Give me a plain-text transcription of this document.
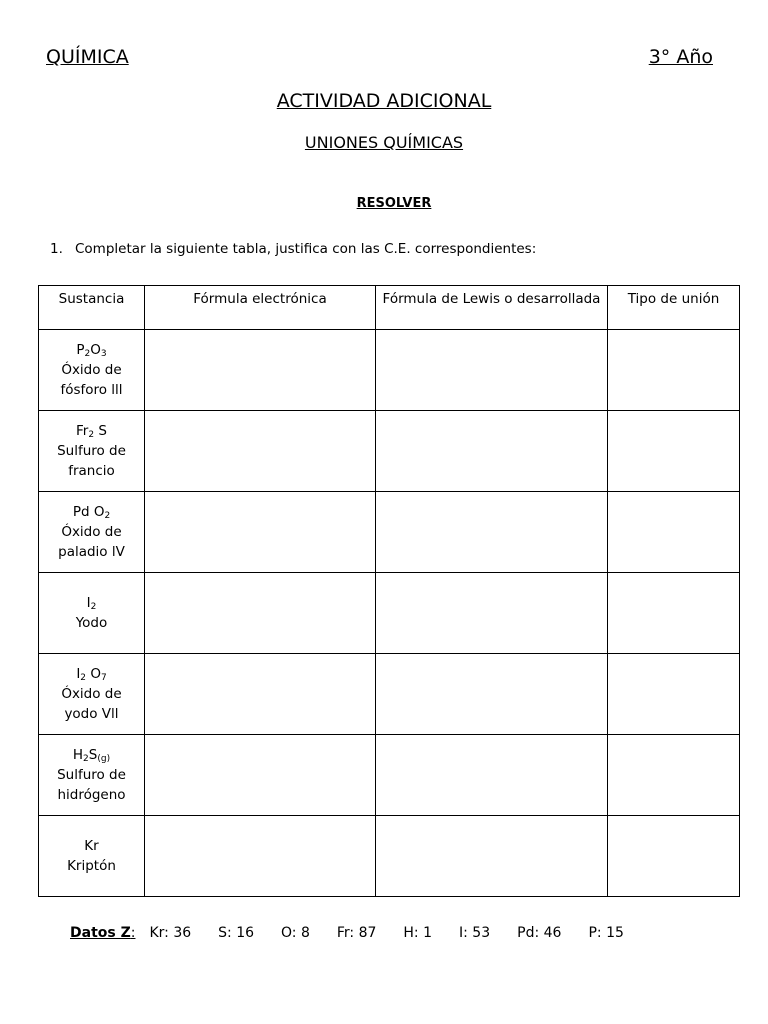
QUÍMICA	3° Año
ACTIVIDAD ADICIONAL
UNIONES QUÍMICAS
RESOLVER
1. Completar la siguiente tabla, justifica con las C.E. correspondientes:
Sustancia	Fórmula electrónica	Fórmula de Lewis o desarrollada	Tipo de unión

$P_2O_3$
Óxido de
fósforo lll			

$Fr_2$ S
Sulfuro de
francio			

Pd $O_2$
Óxido de
paladio lV			

$I_2$
Yodo			

$I_2$ $O_7$
Óxido de
yodo Vll			

$H_2S_{(g)}$
Sulfuro de
hidrógeno			

Kr
Kriptón			

Datos Z: Kr: 36 S: 16 O: 8 Fr: 87 H: 1 I: 53 Pd: 46 P: 15
